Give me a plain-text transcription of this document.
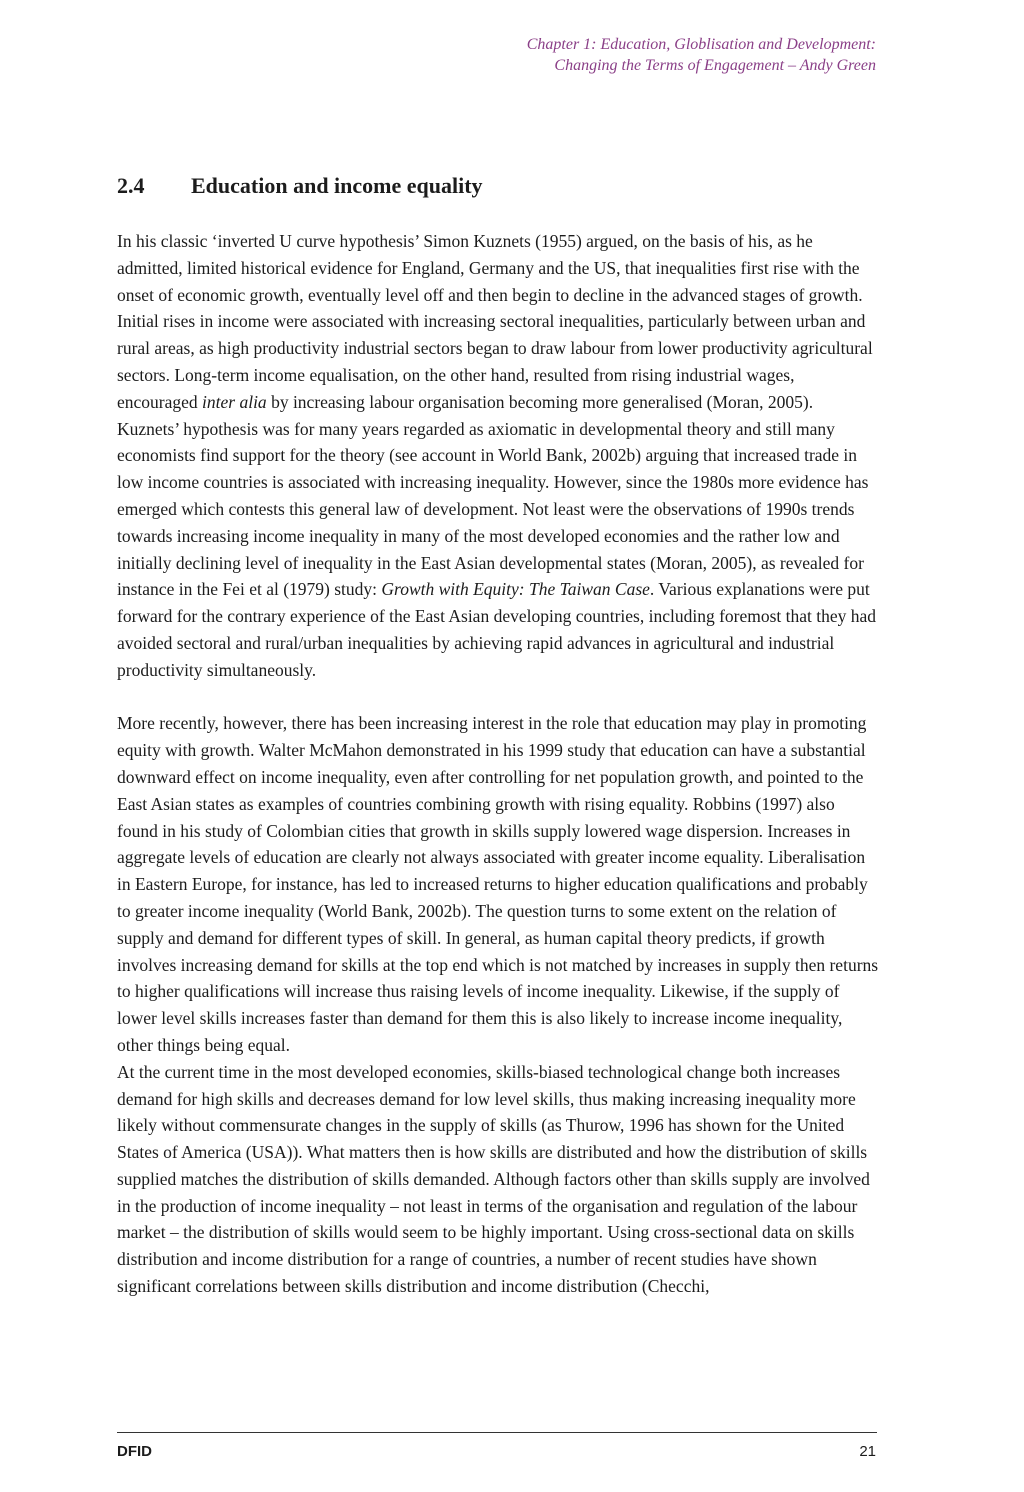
Chapter 1: Education, Globlisation and Development:
Changing the Terms of Engagement – Andy Green
2.4 Education and income equality

In his classic ‘inverted U curve hypothesis’ Simon Kuznets (1955) argued, on the basis of his, as he admitted, limited historical evidence for England, Germany and the US, that inequalities first rise with the onset of economic growth, eventually level off and then begin to decline in the advanced stages of growth. Initial rises in income were associated with increasing sectoral inequalities, particularly between urban and rural areas, as high productivity industrial sectors began to draw labour from lower productivity agricultural sectors. Long-term income equalisation, on the other hand, resulted from rising industrial wages, encouraged inter alia by increasing labour organisation becoming more generalised (Moran, 2005). Kuznets’ hypothesis was for many years regarded as axiomatic in developmental theory and still many economists find support for the theory (see account in World Bank, 2002b) arguing that increased trade in low income countries is associated with increasing inequality. However, since the 1980s more evidence has emerged which contests this general law of development. Not least were the observations of 1990s trends towards increasing income inequality in many of the most developed economies and the rather low and initially declining level of inequality in the East Asian developmental states (Moran, 2005), as revealed for instance in the Fei et al (1979) study: Growth with Equity: The Taiwan Case. Various explanations were put forward for the contrary experience of the East Asian developing countries, including foremost that they had avoided sectoral and rural/urban inequalities by achieving rapid advances in agricultural and industrial productivity simultaneously.

More recently, however, there has been increasing interest in the role that education may play in promoting equity with growth. Walter McMahon demonstrated in his 1999 study that education can have a substantial downward effect on income inequality, even after controlling for net population growth, and pointed to the East Asian states as examples of countries combining growth with rising equality. Robbins (1997) also found in his study of Colombian cities that growth in skills supply lowered wage dispersion. Increases in aggregate levels of education are clearly not always associated with greater income equality. Liberalisation in Eastern Europe, for instance, has led to increased returns to higher education qualifications and probably to greater income inequality (World Bank, 2002b). The question turns to some extent on the relation of supply and demand for different types of skill. In general, as human capital theory predicts, if growth involves increasing demand for skills at the top end which is not matched by increases in supply then returns to higher qualifications will increase thus raising levels of income inequality. Likewise, if the supply of lower level skills increases faster than demand for them this is also likely to increase income inequality, other things being equal.
At the current time in the most developed economies, skills-biased technological change both increases demand for high skills and decreases demand for low level skills, thus making increasing inequality more likely without commensurate changes in the supply of skills (as Thurow, 1996 has shown for the United States of America (USA)). What matters then is how skills are distributed and how the distribution of skills supplied matches the distribution of skills demanded. Although factors other than skills supply are involved in the production of income inequality – not least in terms of the organisation and regulation of the labour market – the distribution of skills would seem to be highly important. Using cross-sectional data on skills distribution and income distribution for a range of countries, a number of recent studies have shown significant correlations between skills distribution and income distribution (Checchi,

DFID	21
